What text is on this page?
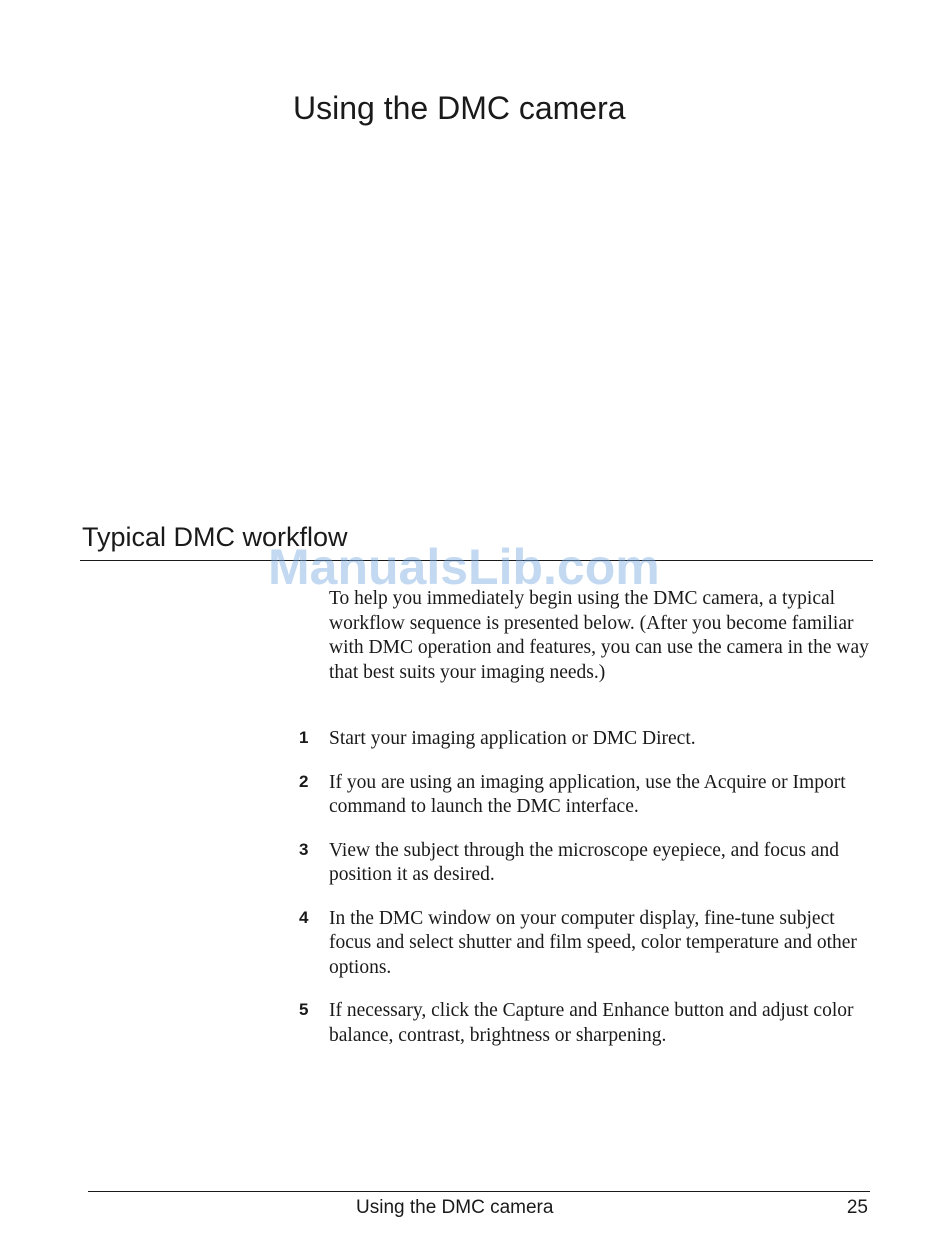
Using the DMC camera
Typical DMC workflow
ManualsLib.com

To help you immediately begin using the DMC camera, a typical workflow sequence is presented below. (After you become familiar with DMC operation and features, you can use the camera in the way that best suits your imaging needs.)

1 Start your imaging application or DMC Direct.
2 If you are using an imaging application, use the Acquire or Import command to launch the DMC interface.
3 View the subject through the microscope eyepiece, and focus and position it as desired.
4 In the DMC window on your computer display, fine-tune subject focus and select shutter and film speed, color temperature and other options.
5 If necessary, click the Capture and Enhance button and adjust color balance, contrast, brightness or sharpening.
Using the DMC camera	25
